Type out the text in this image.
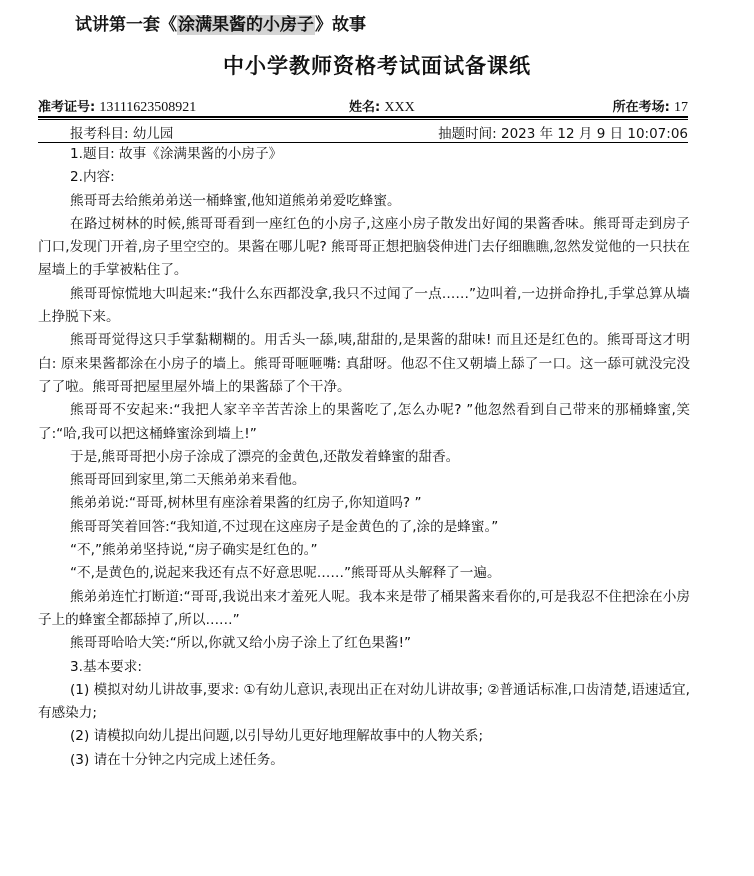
试讲第一套《涂满果酱的小房子》故事
中小学教师资格考试面试备课纸
准考证号: 13111623508921	姓名: XXX	所在考场: 17
报考科目: 幼儿园	抽题时间: 2023 年 12 月 9 日 10:07:06

1.题目: 故事《涂满果酱的小房子》

2.内容:

熊哥哥去给熊弟弟送一桶蜂蜜,他知道熊弟弟爱吃蜂蜜。

在路过树林的时候,熊哥哥看到一座红色的小房子,这座小房子散发出好闻的果酱香味。熊哥哥走到房子门口,发现门开着,房子里空空的。果酱在哪儿呢? 熊哥哥正想把脑袋伸进门去仔细瞧瞧,忽然发觉他的一只扶在屋墙上的手掌被粘住了。

熊哥哥惊慌地大叫起来:“我什么东西都没拿,我只不过闻了一点……”边叫着,一边拼命挣扎,手掌总算从墙上挣脱下来。

熊哥哥觉得这只手掌黏糊糊的。用舌头一舔,咦,甜甜的,是果酱的甜味! 而且还是红色的。熊哥哥这才明白: 原来果酱都涂在小房子的墙上。熊哥哥咂咂嘴: 真甜呀。他忍不住又朝墙上舔了一口。这一舔可就没完没了了啦。熊哥哥把屋里屋外墙上的果酱舔了个干净。

熊哥哥不安起来:“我把人家辛辛苦苦涂上的果酱吃了,怎么办呢? ”他忽然看到自己带来的那桶蜂蜜,笑了:“哈,我可以把这桶蜂蜜涂到墙上!”

于是,熊哥哥把小房子涂成了漂亮的金黄色,还散发着蜂蜜的甜香。

熊哥哥回到家里,第二天熊弟弟来看他。

熊弟弟说:“哥哥,树林里有座涂着果酱的红房子,你知道吗? ”

熊哥哥笑着回答:“我知道,不过现在这座房子是金黄色的了,涂的是蜂蜜。”

“不,”熊弟弟坚持说,“房子确实是红色的。”

“不,是黄色的,说起来我还有点不好意思呢……”熊哥哥从头解释了一遍。

熊弟弟连忙打断道:“哥哥,我说出来才羞死人呢。我本来是带了桶果酱来看你的,可是我忍不住把涂在小房子上的蜂蜜全都舔掉了,所以……”

熊哥哥哈哈大笑:“所以,你就又给小房子涂上了红色果酱!”

3.基本要求:

(1) 模拟对幼儿讲故事,要求: ①有幼儿意识,表现出正在对幼儿讲故事; ②普通话标准,口齿清楚,语速适宜,有感染力;

(2) 请模拟向幼儿提出问题,以引导幼儿更好地理解故事中的人物关系;

(3) 请在十分钟之内完成上述任务。
